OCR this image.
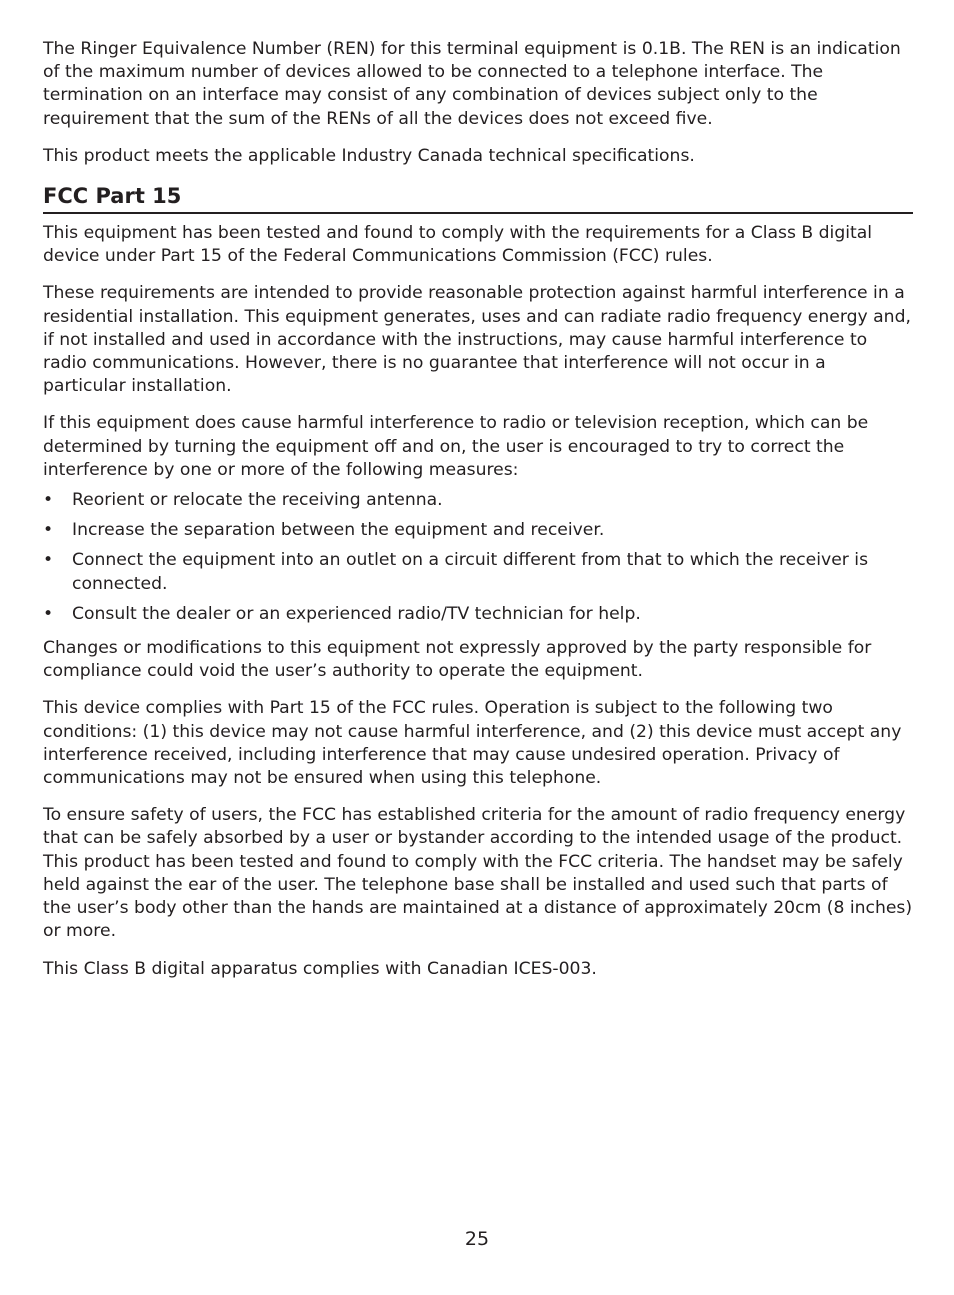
The Ringer Equivalence Number (REN) for this terminal equipment is 0.1B. The REN is an indication of the maximum number of devices allowed to be connected to a telephone interface. The termination on an interface may consist of any combination of devices subject only to the requirement that the sum of the RENs of all the devices does not exceed five.

This product meets the applicable Industry Canada technical specifications.

FCC Part 15

This equipment has been tested and found to comply with the requirements for a Class B digital device under Part 15 of the Federal Communications Commission (FCC) rules.

These requirements are intended to provide reasonable protection against harmful interference in a residential installation. This equipment generates, uses and can radiate radio frequency energy and, if not installed and used in accordance with the instructions, may cause harmful interference to radio communications. However, there is no guarantee that interference will not occur in a particular installation.

If this equipment does cause harmful interference to radio or television reception, which can be determined by turning the equipment off and on, the user is encouraged to try to correct the interference by one or more of the following measures:

• Reorient or relocate the receiving antenna.
• Increase the separation between the equipment and receiver.
• Connect the equipment into an outlet on a circuit different from that to which the receiver is connected.
• Consult the dealer or an experienced radio/TV technician for help.

Changes or modifications to this equipment not expressly approved by the party responsible for compliance could void the user’s authority to operate the equipment.

This device complies with Part 15 of the FCC rules. Operation is subject to the following two conditions: (1) this device may not cause harmful interference, and (2) this device must accept any interference received, including interference that may cause undesired operation. Privacy of communications may not be ensured when using this telephone.

To ensure safety of users, the FCC has established criteria for the amount of radio frequency energy that can be safely absorbed by a user or bystander according to the intended usage of the product. This product has been tested and found to comply with the FCC criteria. The handset may be safely held against the ear of the user. The telephone base shall be installed and used such that parts of the user’s body other than the hands are maintained at a distance of approximately 20cm (8 inches) or more.

This Class B digital apparatus complies with Canadian ICES-003.

25
